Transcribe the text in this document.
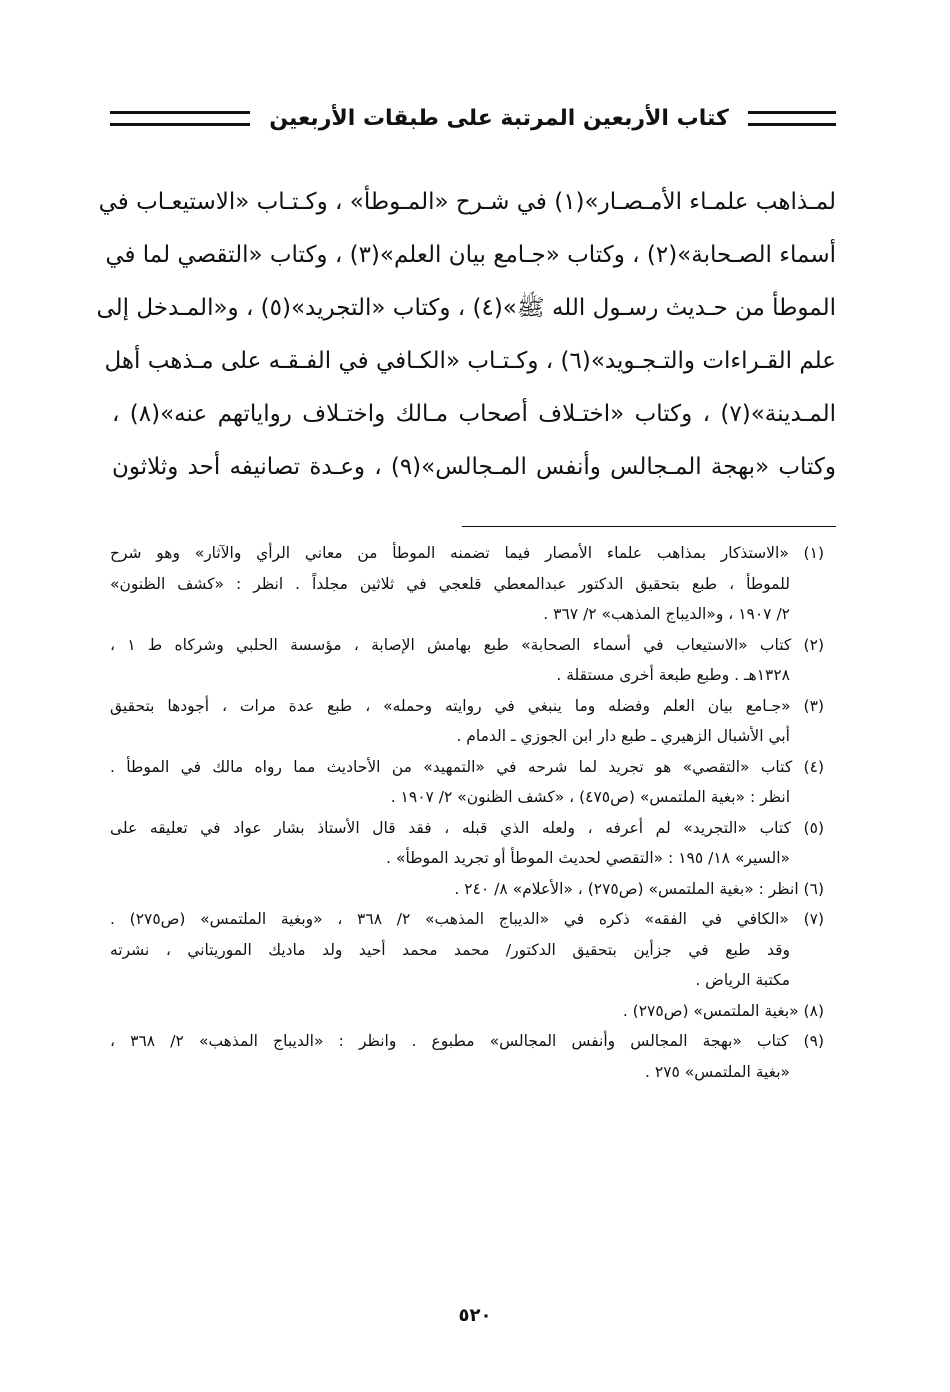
كتاب الأربعين المرتبة على طبقات الأربعين
لمـذاهب علمـاء الأمـصـار»(١) في شـرح «المـوطأ» ، وكـتـاب «الاستيعـاب في
أسماء الصـحابة»(٢) ، وكتاب «جـامع بيان العلم»(٣) ، وكتاب «التقصي لما في
الموطأ من حـديث رسـول الله ﷺ»(٤) ، وكتاب «التجريد»(٥) ، و«المـدخل إلى
علم القـراءات والتـجـويد»(٦) ، وكـتـاب «الكـافي في الفـقـه على مـذهب أهل
المـدينة»(٧) ، وكتاب «اختـلاف أصحاب مـالك واختـلاف رواياتهم عنه»(٨) ،
وكتاب «بهجة المـجالس وأنفس المـجالس»(٩) ، وعـدة تصانيفه أحد وثلاثون
(١) «الاستذكار بمذاهب علماء الأمصار فيما تضمنه الموطأ من معاني الرأي والآثار» وهو شرح
للموطأ ، طبع بتحقيق الدكتور عبدالمعطي قلعجي في ثلاثين مجلداً . انظر : «كشف الظنون»
٢/ ١٩٠٧ ، و«الديباج المذهب» ٢/ ٣٦٧ .
(٢) كتاب «الاستيعاب في أسماء الصحابة» طبع بهامش الإصابة ، مؤسسة الحلبي وشركاه ط ١ ،
١٣٢٨هـ . وطبع طبعة أخرى مستقلة .
(٣) «جـامع بيان العلم وفضله وما ينبغي في روايته وحمله» ، طبع عدة مرات ، أجودها بتحقيق
أبي الأشبال الزهيري ـ طبع دار ابن الجوزي ـ الدمام .
(٤) كتاب «التقصي» هو تجريد لما شرحه في «التمهيد» من الأحاديث مما رواه مالك في الموطأ .
انظر : «بغية الملتمس» (ص٤٧٥) ، «كشف الظنون» ٢/ ١٩٠٧ .
(٥) كتاب «التجريد» لم أعرفه ، ولعله الذي قبله ، فقد قال الأستاذ بشار عواد في تعليقه على
«السير» ١٨/ ١٩٥ : «التقصي لحديث الموطأ أو تجريد الموطأ» .
(٦) انظر : «بغية الملتمس» (ص٢٧٥) ، «الأعلام» ٨/ ٢٤٠ .
(٧) «الكافي في الفقه» ذكره في «الديباج المذهب» ٢/ ٣٦٨ ، «وبغية الملتمس» (ص٢٧٥) .
وقد طبع في جزأين بتحقيق الدكتور/ محمد محمد أحيد ولد ماديك الموريتاني ، نشرته
مكتبة الرياض .
(٨) «بغية الملتمس» (ص٢٧٥) .
(٩) كتاب «بهجة المجالس وأنفس المجالس» مطبوع . وانظر : «الديباج المذهب» ٢/ ٣٦٨ ،
«بغية الملتمس» ٢٧٥ .
٥٢٠
